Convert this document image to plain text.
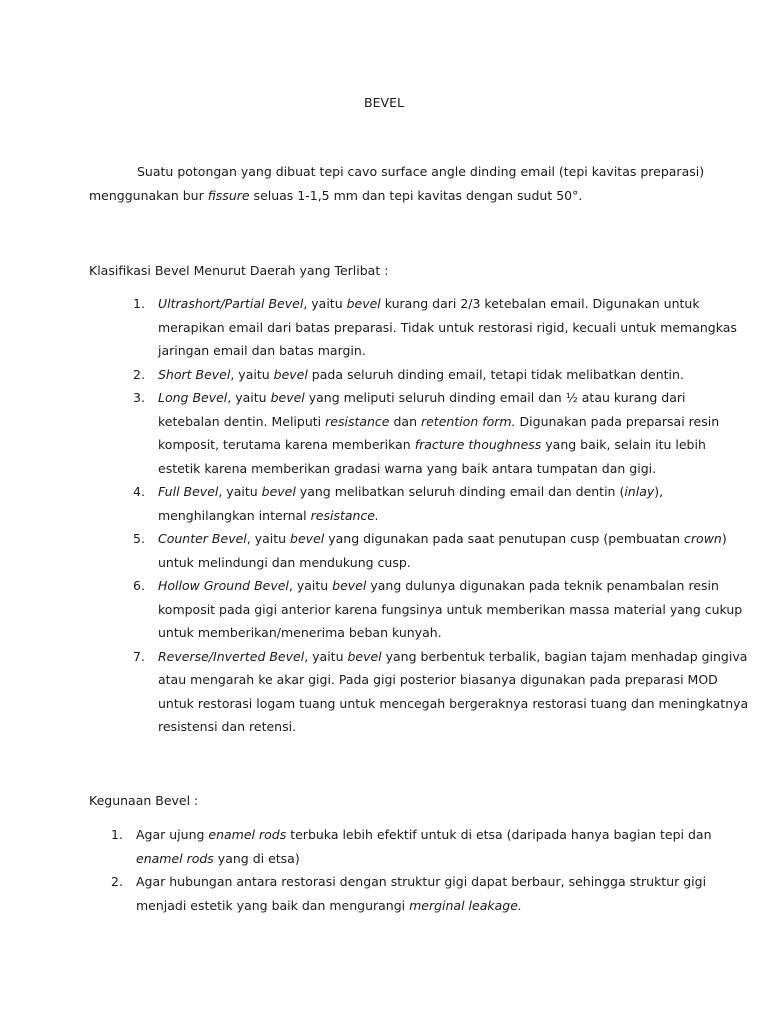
BEVEL
Suatu potongan yang dibuat tepi cavo surface angle dinding email (tepi kavitas preparasi)
menggunakan bur fissure seluas 1-1,5 mm dan tepi kavitas dengan sudut 50°.
Klasifikasi Bevel Menurut Daerah yang Terlibat :
1. Ultrashort/Partial Bevel, yaitu bevel kurang dari 2/3 ketebalan email. Digunakan untuk
merapikan email dari batas preparasi. Tidak untuk restorasi rigid, kecuali untuk memangkas
jaringan email dan batas margin.
2. Short Bevel, yaitu bevel pada seluruh dinding email, tetapi tidak melibatkan dentin.
3. Long Bevel, yaitu bevel yang meliputi seluruh dinding email dan ½ atau kurang dari
ketebalan dentin. Meliputi resistance dan retention form. Digunakan pada preparsai resin
komposit, terutama karena memberikan fracture thoughness yang baik, selain itu lebih
estetik karena memberikan gradasi warna yang baik antara tumpatan dan gigi.
4. Full Bevel, yaitu bevel yang melibatkan seluruh dinding email dan dentin (inlay),
menghilangkan internal resistance.
5. Counter Bevel, yaitu bevel yang digunakan pada saat penutupan cusp (pembuatan crown)
untuk melindungi dan mendukung cusp.
6. Hollow Ground Bevel, yaitu bevel yang dulunya digunakan pada teknik penambalan resin
komposit pada gigi anterior karena fungsinya untuk memberikan massa material yang cukup
untuk memberikan/menerima beban kunyah.
7. Reverse/Inverted Bevel, yaitu bevel yang berbentuk terbalik, bagian tajam menhadap gingiva
atau mengarah ke akar gigi. Pada gigi posterior biasanya digunakan pada preparasi MOD
untuk restorasi logam tuang untuk mencegah bergeraknya restorasi tuang dan meningkatnya
resistensi dan retensi.
Kegunaan Bevel :
1. Agar ujung enamel rods terbuka lebih efektif untuk di etsa (daripada hanya bagian tepi dan
enamel rods yang di etsa)
2. Agar hubungan antara restorasi dengan struktur gigi dapat berbaur, sehingga struktur gigi
menjadi estetik yang baik dan mengurangi merginal leakage.
